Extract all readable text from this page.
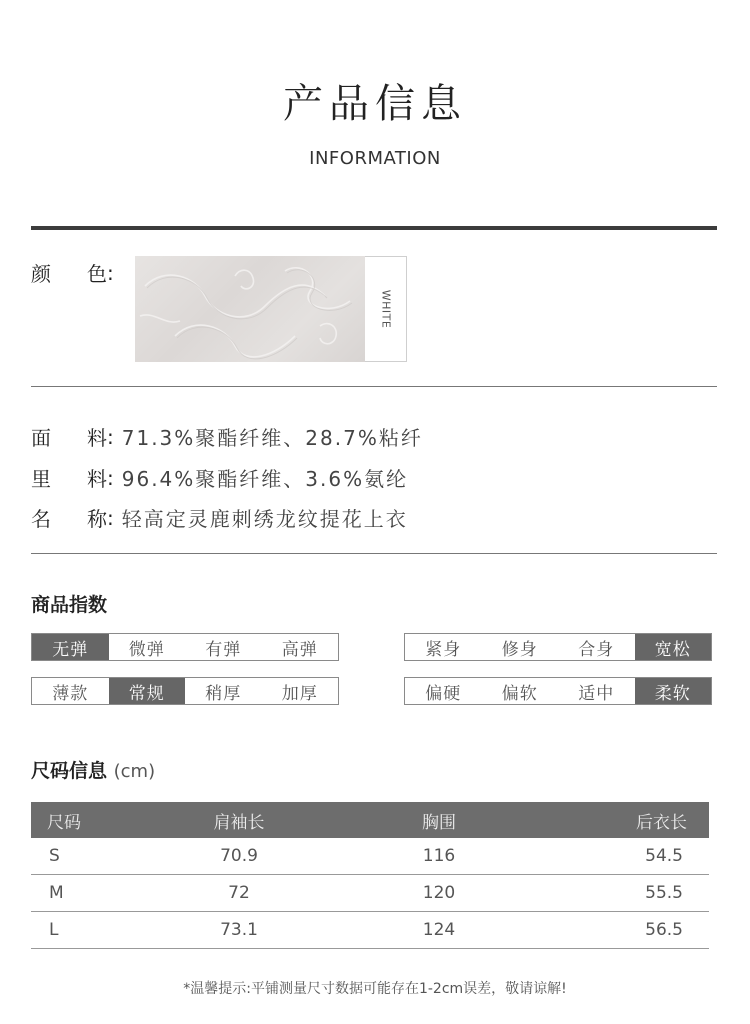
产品信息
INFORMATION
颜	色 :
WHITE
面	料 : 71.3%聚酯纤维、28.7%粘纤
里	料 : 96.4%聚酯纤维、3.6%氨纶
名	称 : 轻高定灵鹿刺绣龙纹提花上衣
商品指数
无弹	微弹	有弹	高弹	紧身	修身	合身	宽松
薄款	常规	稍厚	加厚	偏硬	偏软	适中	柔软
尺码信息 (cm)
尺码	肩袖长	胸围	后衣长
S	70.9	116	54.5
M	72	120	55.5
L	73.1	124	56.5
*温馨提示:平铺测量尺寸数据可能存在1-2cm误差，敬请谅解!
